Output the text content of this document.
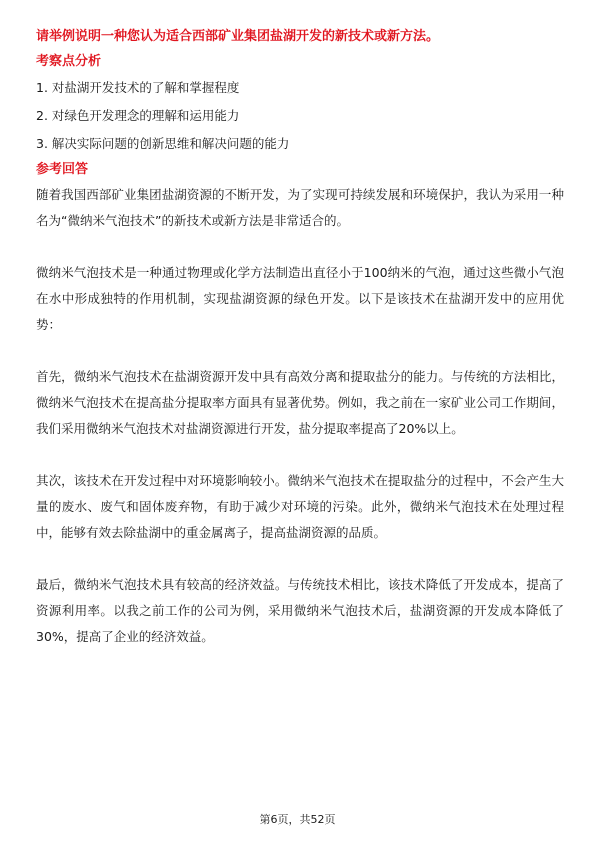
请举例说明一种您认为适合西部矿业集团盐湖开发的新技术或新方法。

考察点分析

1. 对盐湖开发技术的了解和掌握程度

2. 对绿色开发理念的理解和运用能力

3. 解决实际问题的创新思维和解决问题的能力

参考回答

随着我国西部矿业集团盐湖资源的不断开发，为了实现可持续发展和环境保护，我认为采用一种名为“微纳米气泡技术”的新技术或新方法是非常适合的。

微纳米气泡技术是一种通过物理或化学方法制造出直径小于100纳米的气泡，通过这些微小气泡在水中形成独特的作用机制，实现盐湖资源的绿色开发。以下是该技术在盐湖开发中的应用优势：

首先，微纳米气泡技术在盐湖资源开发中具有高效分离和提取盐分的能力。与传统的方法相比，微纳米气泡技术在提高盐分提取率方面具有显著优势。例如，我之前在一家矿业公司工作期间，我们采用微纳米气泡技术对盐湖资源进行开发，盐分提取率提高了20%以上。

其次，该技术在开发过程中对环境影响较小。微纳米气泡技术在提取盐分的过程中，不会产生大量的废水、废气和固体废弃物，有助于减少对环境的污染。此外，微纳米气泡技术在处理过程中，能够有效去除盐湖中的重金属离子，提高盐湖资源的品质。

最后，微纳米气泡技术具有较高的经济效益。与传统技术相比，该技术降低了开发成本，提高了资源利用率。以我之前工作的公司为例，采用微纳米气泡技术后，盐湖资源的开发成本降低了30%，提高了企业的经济效益。

第6页，共52页
